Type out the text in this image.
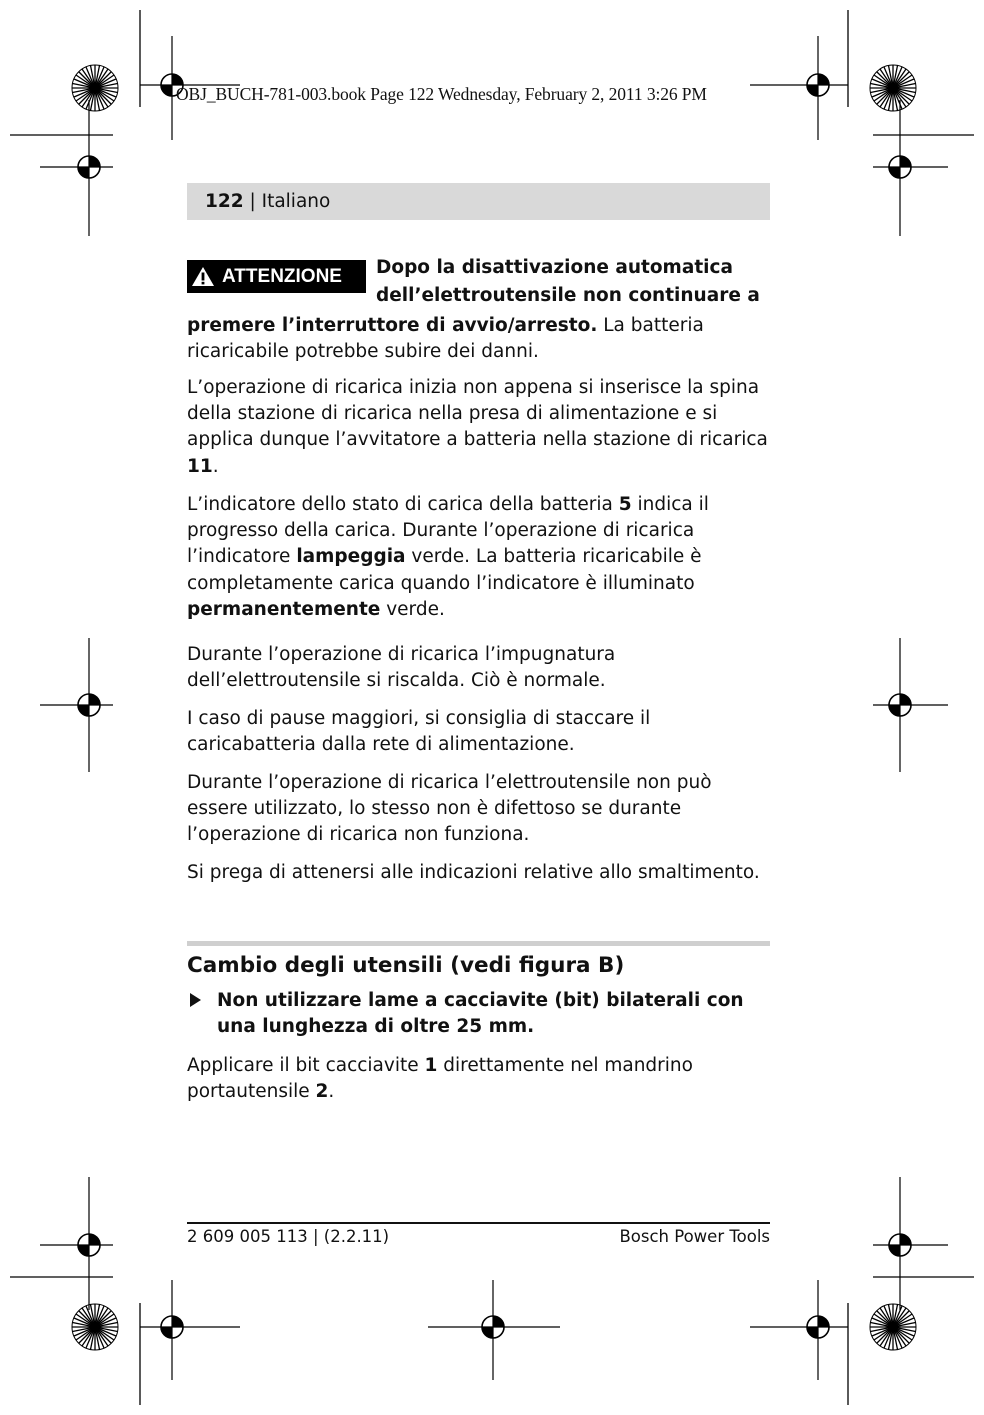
OBJ_BUCH-781-003.book Page 122 Wednesday, February 2, 2011 3:26 PM
122 | Italiano
ATTENZIONE Dopo la disattivazione automatica
dell’elettroutensile non continuare a
premere l’interruttore di avvio/arresto. La batteria ricaricabile potrebbe subire dei danni.
L’operazione di ricarica inizia non appena si inserisce la spina della stazione di ricarica nella presa di alimentazione e si applica dunque l’avvitatore a batteria nella stazione di ricarica 11.
L’indicatore dello stato di carica della batteria 5 indica il progresso della carica. Durante l’operazione di ricarica l’indicatore lampeggia verde. La batteria ricaricabile è completamente carica quando l’indicatore è illuminato permanentemente verde.
Durante l’operazione di ricarica l’impugnatura dell’elettroutensile si riscalda. Ciò è normale.
I caso di pause maggiori, si consiglia di staccare il caricabatteria dalla rete di alimentazione.
Durante l’operazione di ricarica l’elettroutensile non può essere utilizzato, lo stesso non è difettoso se durante l’operazione di ricarica non funziona.
Si prega di attenersi alle indicazioni relative allo smaltimento.
Cambio degli utensili (vedi figura B)
Non utilizzare lame a cacciavite (bit) bilaterali con una lunghezza di oltre 25 mm.
Applicare il bit cacciavite 1 direttamente nel mandrino portautensile 2.
2 609 005 113 | (2.2.11)	Bosch Power Tools
